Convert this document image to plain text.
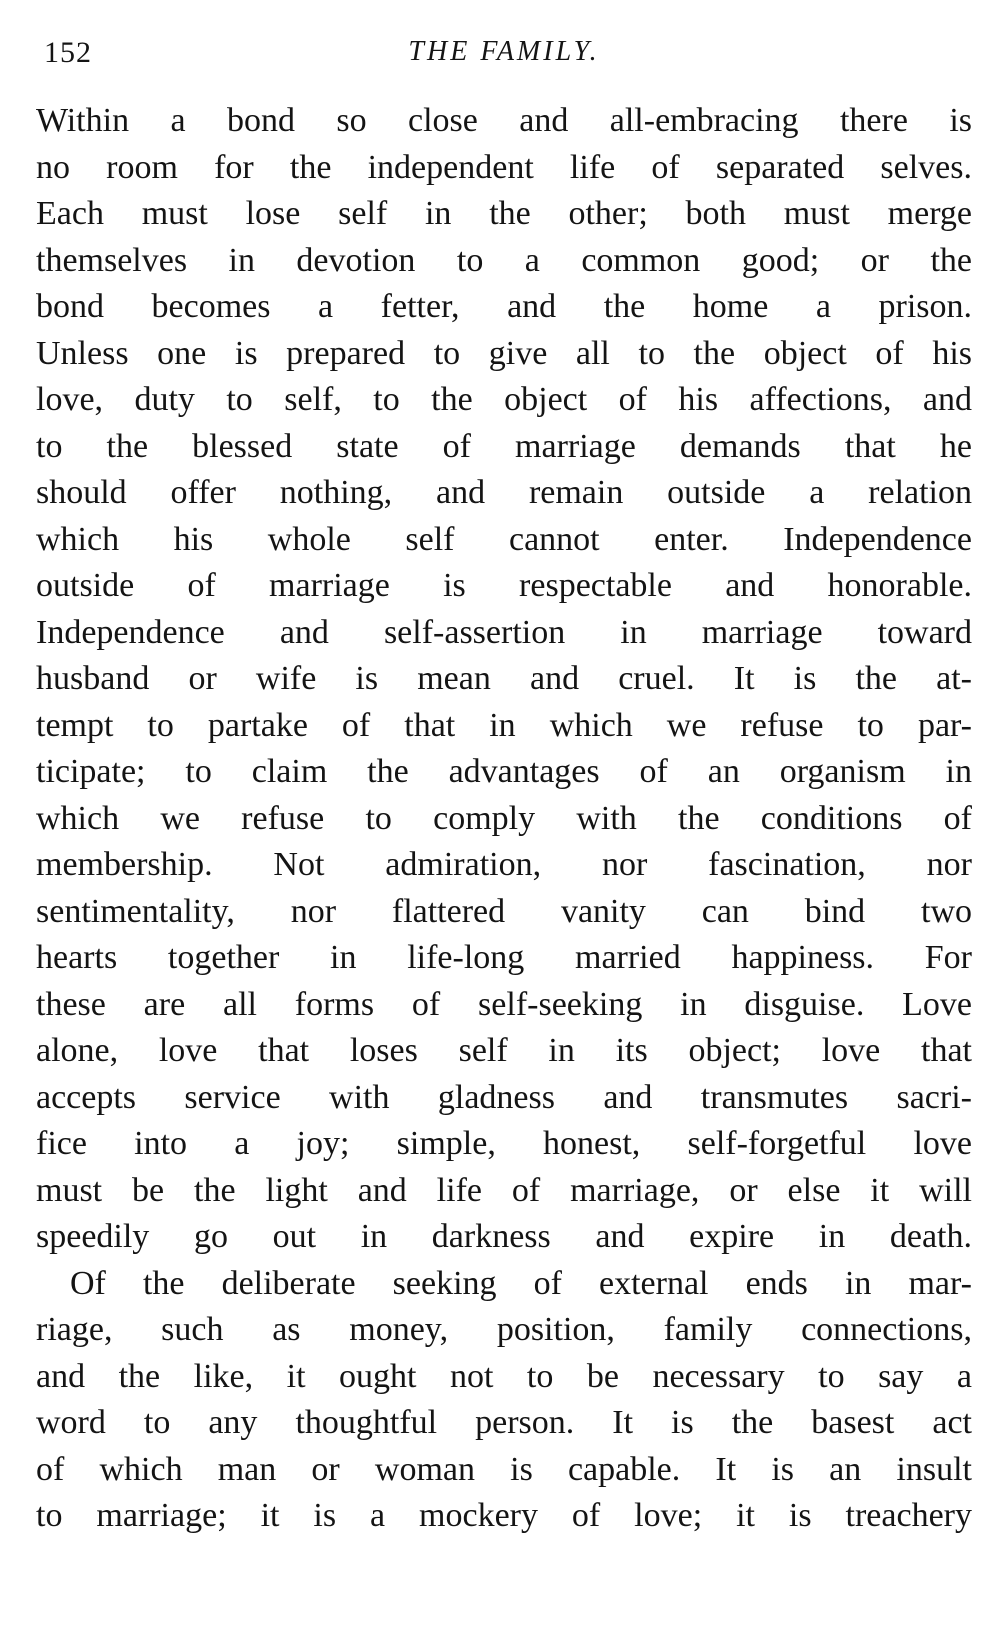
152	THE FAMILY.
Within a bond so close and all-embracing there is
no room for the independent life of separated selves.
Each must lose self in the other; both must merge
themselves in devotion to a common good; or the
bond becomes a fetter, and the home a prison.
Unless one is prepared to give all to the object of his
love, duty to self, to the object of his affections, and
to the blessed state of marriage demands that he
should offer nothing, and remain outside a relation
which his whole self cannot enter. Independence
outside of marriage is respectable and honorable.
Independence and self-assertion in marriage toward
husband or wife is mean and cruel. It is the at-
tempt to partake of that in which we refuse to par-
ticipate; to claim the advantages of an organism in
which we refuse to comply with the conditions of
membership. Not admiration, nor fascination, nor
sentimentality, nor flattered vanity can bind two
hearts together in life-long married happiness. For
these are all forms of self-seeking in disguise. Love
alone, love that loses self in its object; love that
accepts service with gladness and transmutes sacri-
fice into a joy; simple, honest, self-forgetful love
must be the light and life of marriage, or else it will
speedily go out in darkness and expire in death.
Of the deliberate seeking of external ends in mar-
riage, such as money, position, family connections,
and the like, it ought not to be necessary to say a
word to any thoughtful person. It is the basest act
of which man or woman is capable. It is an insult
to marriage; it is a mockery of love; it is treachery
